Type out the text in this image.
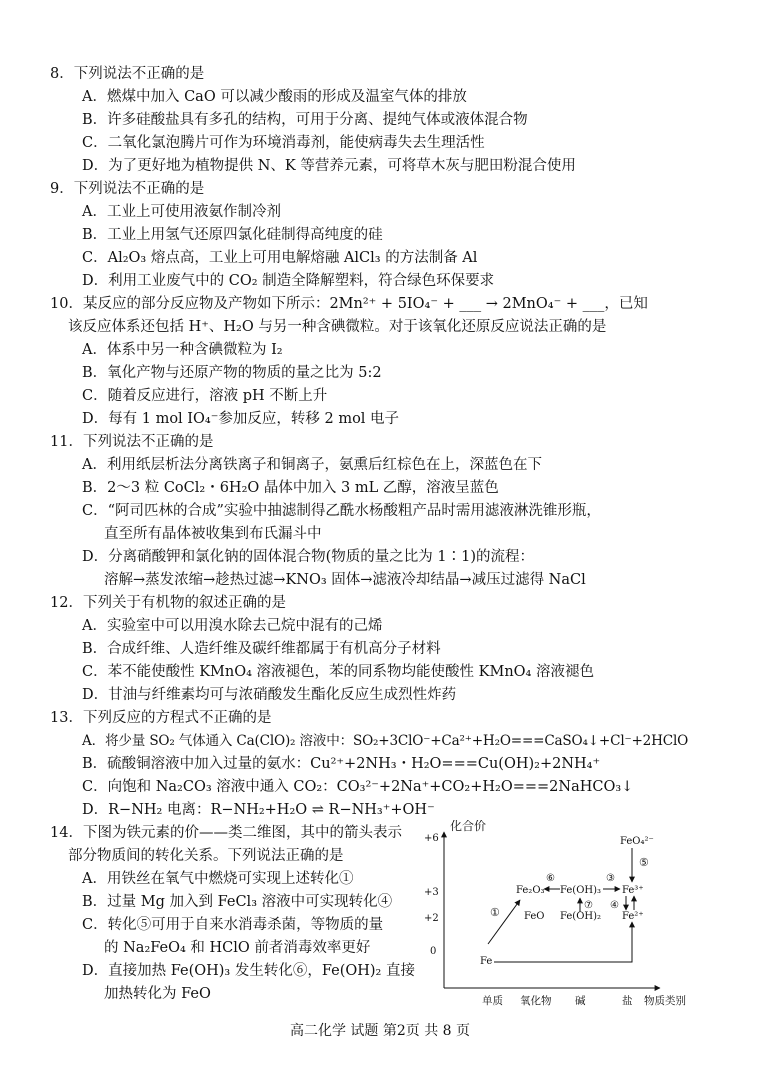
8．下列说法不正确的是
A．燃煤中加入 CaO 可以减少酸雨的形成及温室气体的排放
B．许多硅酸盐具有多孔的结构，可用于分离、提纯气体或液体混合物
C．二氧化氯泡腾片可作为环境消毒剂，能使病毒失去生理活性
D．为了更好地为植物提供 N、K 等营养元素，可将草木灰与肥田粉混合使用
9．下列说法不正确的是
A．工业上可使用液氨作制冷剂
B．工业上用氢气还原四氯化硅制得高纯度的硅
C．Al₂O₃ 熔点高，工业上可用电解熔融 AlCl₃ 的方法制备 Al
D．利用工业废气中的 CO₂ 制造全降解塑料，符合绿色环保要求
10．某反应的部分反应物及产物如下所示：2Mn²⁺ + 5IO₄⁻ + ___ → 2MnO₄⁻ + ___，已知
该反应体系还包括 H⁺、H₂O 与另一种含碘微粒。对于该氧化还原反应说法正确的是
A．体系中另一种含碘微粒为 I₂
B．氧化产物与还原产物的物质的量之比为 5:2
C．随着反应进行，溶液 pH 不断上升
D．每有 1 mol IO₄⁻参加反应，转移 2 mol 电子
11．下列说法不正确的是
A．利用纸层析法分离铁离子和铜离子，氨熏后红棕色在上，深蓝色在下
B．2～3 粒 CoCl₂・6H₂O 晶体中加入 3 mL 乙醇，溶液呈蓝色
C．“阿司匹林的合成”实验中抽滤制得乙酰水杨酸粗产品时需用滤液淋洗锥形瓶，
直至所有晶体被收集到布氏漏斗中
D．分离硝酸钾和氯化钠的固体混合物(物质的量之比为 1∶1)的流程：
溶解→蒸发浓缩→趁热过滤→KNO₃ 固体→滤液冷却结晶→减压过滤得 NaCl
12．下列关于有机物的叙述正确的是
A．实验室中可以用溴水除去己烷中混有的己烯
B．合成纤维、人造纤维及碳纤维都属于有机高分子材料
C．苯不能使酸性 KMnO₄ 溶液褪色，苯的同系物均能使酸性 KMnO₄ 溶液褪色
D．甘油与纤维素均可与浓硝酸发生酯化反应生成烈性炸药
13．下列反应的方程式不正确的是
A．将少量 SO₂ 气体通入 Ca(ClO)₂ 溶液中：SO₂+3ClO⁻+Ca²⁺+H₂O===CaSO₄↓+Cl⁻+2HClO
B．硫酸铜溶液中加入过量的氨水：Cu²⁺+2NH₃・H₂O===Cu(OH)₂+2NH₄⁺
C．向饱和 Na₂CO₃ 溶液中通入 CO₂：CO₃²⁻+2Na⁺+CO₂+H₂O===2NaHCO₃↓
D．R−NH₂ 电离：R−NH₂+H₂O ⇌ R−NH₃⁺+OH⁻
14．下图为铁元素的价——类二维图，其中的箭头表示
部分物质间的转化关系。下列说法正确的是
A．用铁丝在氧气中燃烧可实现上述转化①
B．过量 Mg 加入到 FeCl₃ 溶液中可实现转化④
C．转化⑤可用于自来水消毒杀菌，等物质的量
的 Na₂FeO₄ 和 HClO 前者消毒效率更好
D．直接加热 Fe(OH)₃ 发生转化⑥，Fe(OH)₂ 直接
加热转化为 FeO
化合价
+6
+3
+2
0
单质 氧化物 碱	盐 物质类别
Fe
Fe₂O₃
FeO
Fe(OH)₃
Fe(OH)₂
Fe³⁺
Fe²⁺
FeO₄²⁻
①
⑥	③
⑦ ④
⑤
高二化学 试题 第2页 共 8 页
